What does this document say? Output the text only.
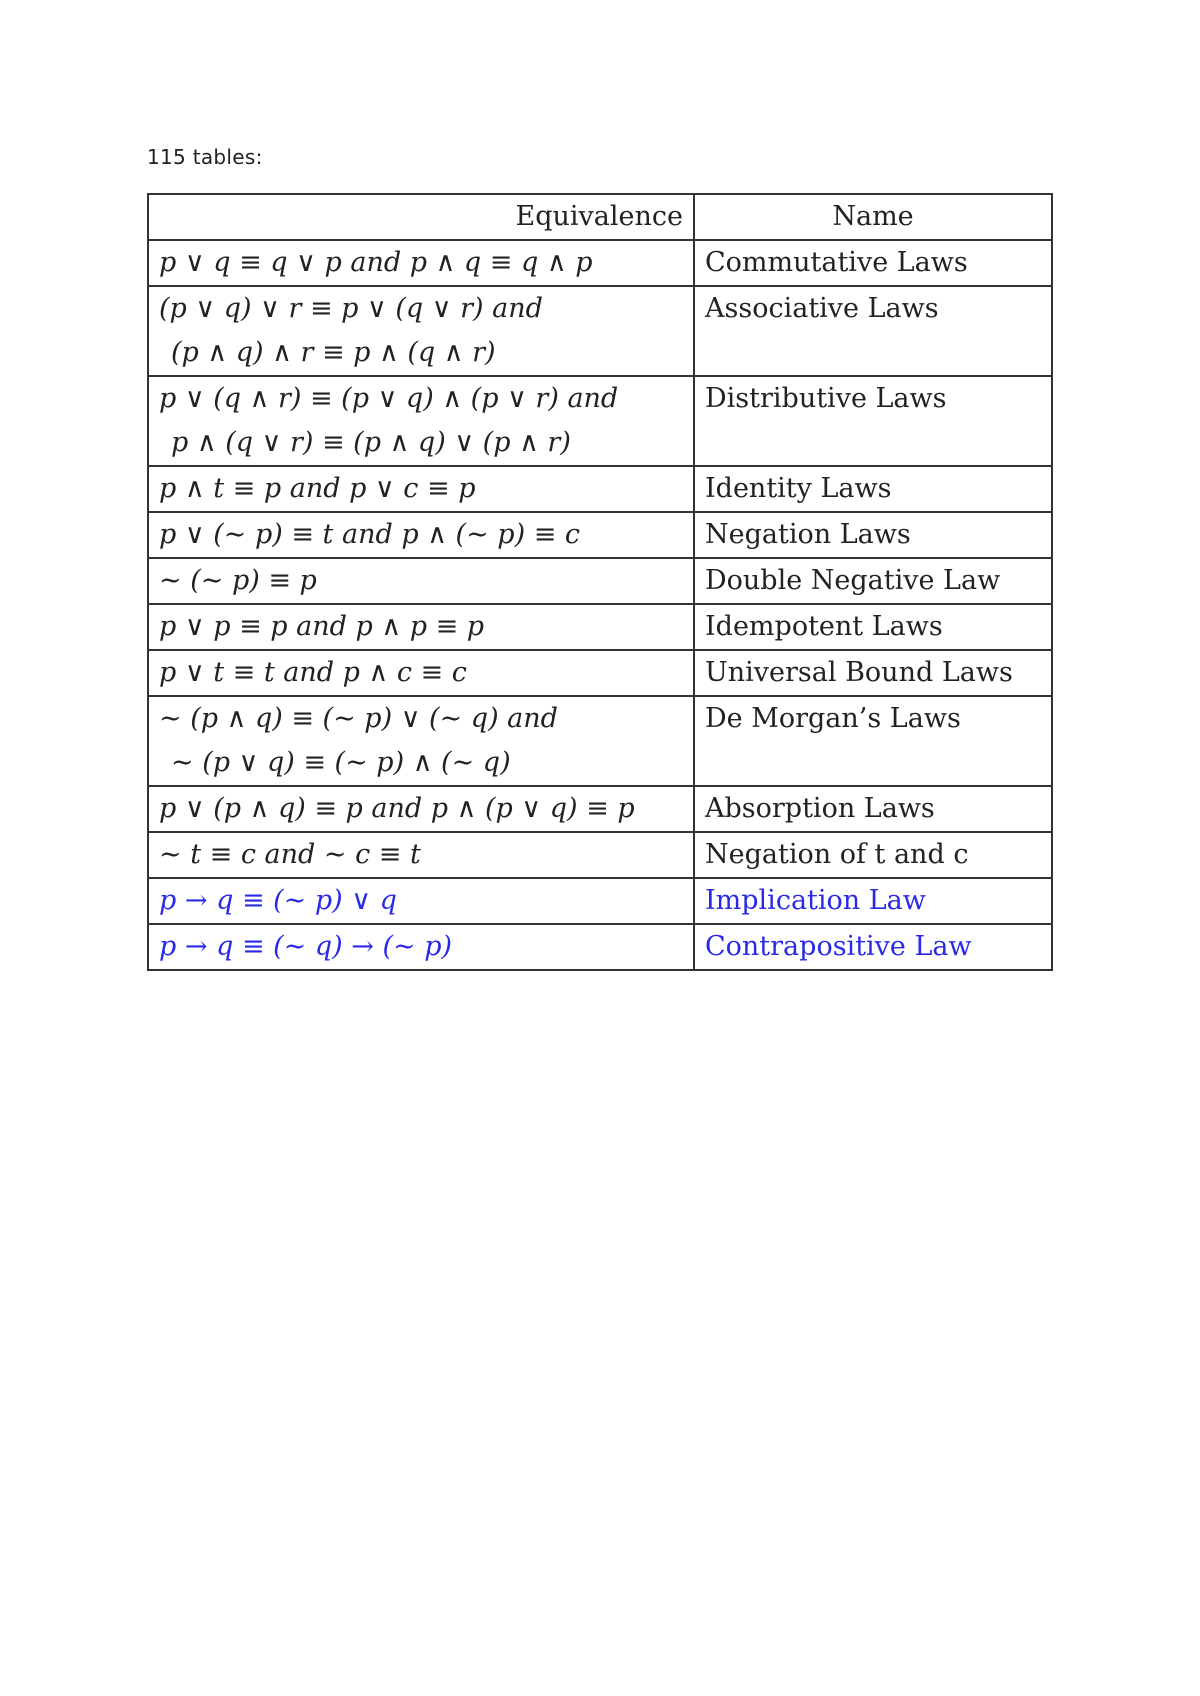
115 tables:
Equivalence	Name

p ∨ q ≡ q ∨ p and p ∧ q ≡ q ∧ p	Commutative Laws

(p ∨ q) ∨ r ≡ p ∨ (q ∨ r) and
(p ∧ q) ∧ r ≡ p ∧ (q ∧ r)	Associative Laws

p ∨ (q ∧ r) ≡ (p ∨ q) ∧ (p ∨ r) and
p ∧ (q ∨ r) ≡ (p ∧ q) ∨ (p ∧ r)	Distributive Laws

p ∧ t ≡ p and p ∨ c ≡ p	Identity Laws

p ∨ (∼ p) ≡ t and p ∧ (∼ p) ≡ c	Negation Laws

∼ (∼ p) ≡ p	Double Negative Law

p ∨ p ≡ p and p ∧ p ≡ p	Idempotent Laws

p ∨ t ≡ t and p ∧ c ≡ c	Universal Bound Laws

∼ (p ∧ q) ≡ (∼ p) ∨ (∼ q) and
∼ (p ∨ q) ≡ (∼ p) ∧ (∼ q)	De Morgan’s Laws

p ∨ (p ∧ q) ≡ p and p ∧ (p ∨ q) ≡ p	Absorption Laws

∼ t ≡ c and ∼ c ≡ t	Negation of t and c

p → q ≡ (∼ p) ∨ q	Implication Law

p → q ≡ (∼ q) → (∼ p)	Contrapositive Law
